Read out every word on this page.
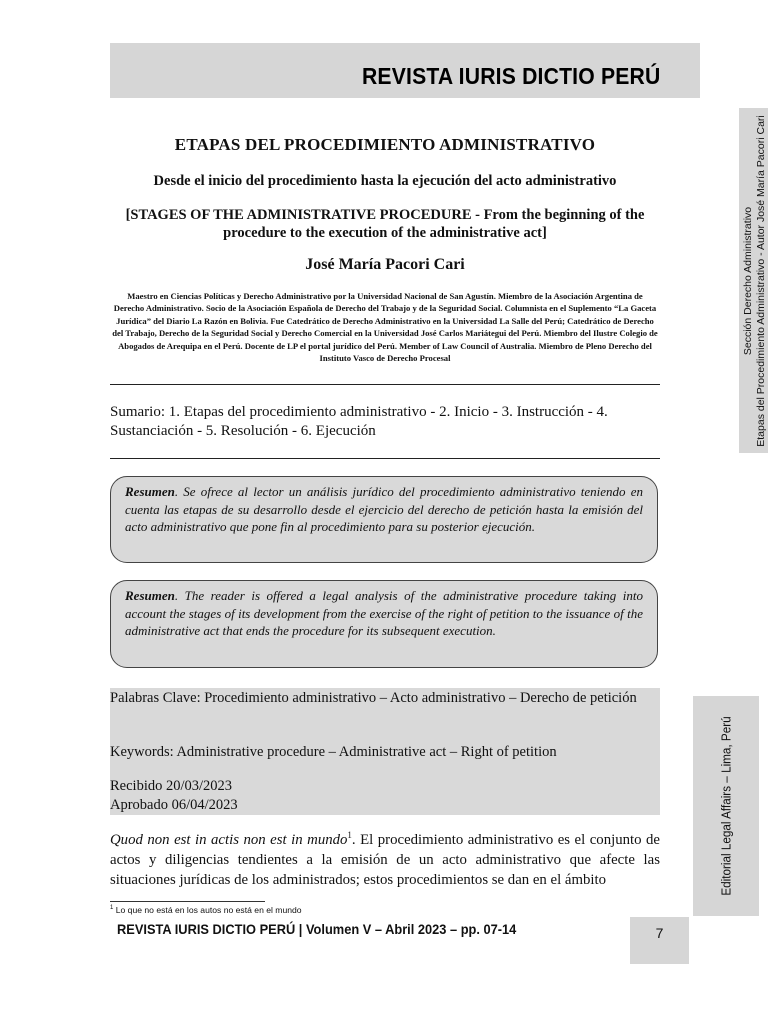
REVISTA IURIS DICTIO PERÚ
Sección Derecho Administrativo Etapas del Procedimiento Administrativo - Autor José María Pacori Cari
Editorial Legal Affairs – Lima, Perú
ETAPAS DEL PROCEDIMIENTO ADMINISTRATIVO
Desde el inicio del procedimiento hasta la ejecución del acto administrativo
[STAGES OF THE ADMINISTRATIVE PROCEDURE - From the beginning of the procedure to the execution of the administrative act]
José María Pacori Cari
Maestro en Ciencias Políticas y Derecho Administrativo por la Universidad Nacional de San Agustín. Miembro de la Asociación Argentina de Derecho Administrativo. Socio de la Asociación Española de Derecho del Trabajo y de la Seguridad Social. Columnista en el Suplemento “La Gaceta Jurídica” del Diario La Razón en Bolivia. Fue Catedrático de Derecho Administrativo en la Universidad La Salle del Perú; Catedrático de Derecho del Trabajo, Derecho de la Seguridad Social y Derecho Comercial en la Universidad José Carlos Mariátegui del Perú. Miembro del Ilustre Colegio de Abogados de Arequipa en el Perú. Docente de LP el portal jurídico del Perú. Member of Law Council of Australia. Miembro de Pleno Derecho del Instituto Vasco de Derecho Procesal
Sumario: 1. Etapas del procedimiento administrativo - 2. Inicio - 3. Instrucción - 4. Sustanciación - 5. Resolución - 6. Ejecución
Resumen. Se ofrece al lector un análisis jurídico del procedimiento administrativo teniendo en cuenta las etapas de su desarrollo desde el ejercicio del derecho de petición hasta la emisión del acto administrativo que pone fin al procedimiento para su posterior ejecución.
Resumen. The reader is offered a legal analysis of the administrative procedure taking into account the stages of its development from the exercise of the right of petition to the issuance of the administrative act that ends the procedure for its subsequent execution.
Palabras Clave: Procedimiento administrativo – Acto administrativo – Derecho de petición
Keywords: Administrative procedure – Administrative act – Right of petition
Recibido 20/03/2023
Aprobado 06/04/2023
Quod non est in actis non est in mundo$^1$. El procedimiento administrativo es el conjunto de actos y diligencias tendientes a la emisión de un acto administrativo que afecte las situaciones jurídicas de los administrados; estos procedimientos se dan en el ámbito
$^1$ Lo que no está en los autos no está en el mundo
REVISTA IURIS DICTIO PERÚ | Volumen V – Abril 2023 – pp. 07-14	7
